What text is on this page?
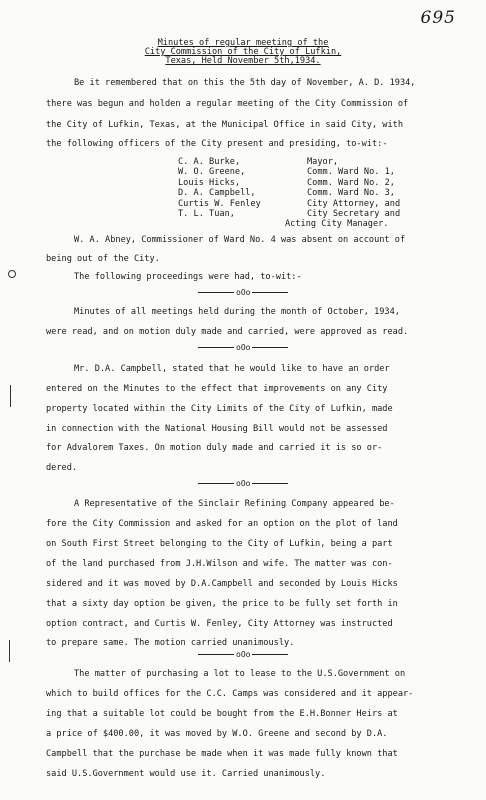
695
Minutes of regular meeting of the
City Commission of the City of Lufkin,
Texas, Held November 5th,1934.
Be it remembered that on this the 5th day of November, A. D. 1934,
there was begun and holden a regular meeting of the City Commission of
the City of Lufkin, Texas, at the Municipal Office in said City, with
the following officers of the City present and presiding, to-wit:-
C. A. Burke,
W. O. Greene,
Louis Hicks,
D. A. Campbell,
Curtis W. Fenley
T. L. Tuan,
Mayor,
Comm. Ward No. 1,
Comm. Ward No. 2,
Comm. Ward No. 3,
City Attorney, and
City Secretary and
Acting City Manager.
W. A. Abney, Commissioner of Ward No. 4 was absent on account of
being out of the City.
The following proceedings were had, to-wit:-
oOo
Minutes of all meetings held during the month of October, 1934,
were read, and on motion duly made and carried, were approved as read.
oOo
Mr. D.A. Campbell, stated that he would like to have an order
entered on the Minutes to the effect that improvements on any City
property located within the City Limits of the City of Lufkin, made
in connection with the National Housing Bill would not be assessed
for Advalorem Taxes. On motion duly made and carried it is so or-
dered.
oOo
A Representative of the Sinclair Refining Company appeared be-
fore the City Commission and asked for an option on the plot of land
on South First Street belonging to the City of Lufkin, being a part
of the land purchased from J.H.Wilson and wife. The matter was con-
sidered and it was moved by D.A.Campbell and seconded by Louis Hicks
that a sixty day option be given, the price to be fully set forth in
option contract, and Curtis W. Fenley, City Attorney was instructed
to prepare same. The motion carried unanimously.
oOo
The matter of purchasing a lot to lease to the U.S.Government on
which to build offices for the C.C. Camps was considered and it appear-
ing that a suitable lot could be bought from the E.H.Bonner Heirs at
a price of $400.00, it was moved by W.O. Greene and second by D.A.
Campbell that the purchase be made when it was made fully known that
said U.S.Government would use it. Carried unanimously.
